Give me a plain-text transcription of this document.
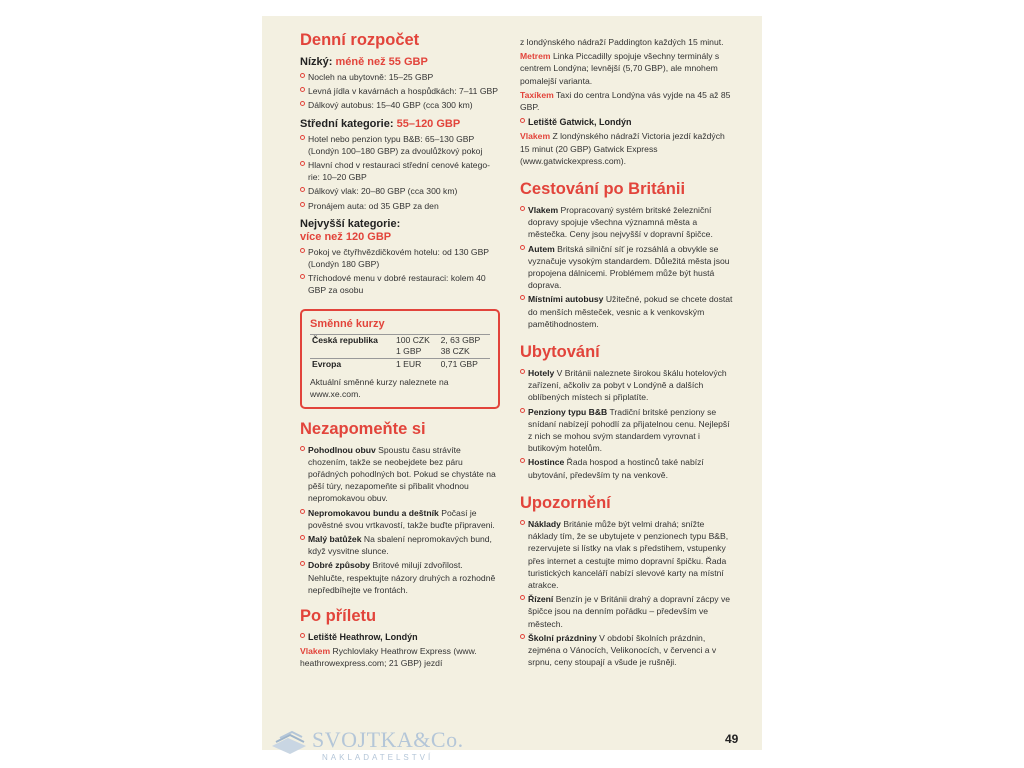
Denní rozpočet
Nízký: méně než 55 GBP
Nocleh na ubytovně: 15–25 GBP
Levná jídla v kavárnách a hospůdkách: 7–11 GBP
Dálkový autobus: 15–40 GBP (cca 300 km)
Střední kategorie: 55–120 GBP
Hotel nebo penzion typu B&B: 65–130 GBP (Londýn 100–180 GBP) za dvoulůžkový pokoj
Hlavní chod v restauraci střední cenové katego-rie: 10–20 GBP
Dálkový vlak: 20–80 GBP (cca 300 km)
Pronájem auta: od 35 GBP za den
Nejvyšší kategorie:
více než 120 GBP
Pokoj ve čtyřhvězdičkovém hotelu: od 130 GBP (Londýn 180 GBP)
Tříchodové menu v dobré restauraci: kolem 40 GBP za osobu
Směnné kurzy
Česká republika	100 CZK	2, 63 GBP
	1 GBP	38 CZK
Evropa	1 EUR	0,71 GBP
Aktuální směnné kurzy naleznete na www.xe.com.
Nezapomeňte si
Pohodlnou obuv Spoustu času strávíte chozením, takže se neobejdete bez páru pořádných pohodlných bot. Pokud se chystáte na pěší túry, nezapomeňte si přibalit vhodnou nepromokavou obuv.
Nepromokavou bundu a deštník Počasí je pověstné svou vrtkavostí, takže buďte připraveni.
Malý batůžek Na sbalení nepromokavých bund, když vysvitne slunce.
Dobré způsoby Britové milují zdvořilost. Nehlučte, respektujte názory druhých a rozhodně nepředbíhejte ve frontách.
Po příletu
Letiště Heathrow, Londýn
Vlakem Rychlovlaky Heathrow Express (www. heathrowexpress.com; 21 GBP) jezdí
z londýnského nádraží Paddington každých 15 minut.
Metrem Linka Piccadilly spojuje všechny terminály s centrem Londýna; levnější (5,70 GBP), ale mnohem pomalejší varianta.
Taxíkem Taxi do centra Londýna vás vyjde na 45 až 85 GBP.
Letiště Gatwick, Londýn
Vlakem Z londýnského nádraží Victoria jezdí každých 15 minut (20 GBP) Gatwick Express (www.gatwickexpress.com).
Cestování po Británii
Vlakem Propracovaný systém britské železniční dopravy spojuje všechna významná města a městečka. Ceny jsou nejvyšší v dopravní špičce.
Autem Britská silniční síť je rozsáhlá a obvykle se vyznačuje vysokým standardem. Důležitá města jsou propojena dálnicemi. Problémem může být hustá doprava.
Místními autobusy Užitečné, pokud se chcete dostat do menších městeček, vesnic a k venkovským pamětihodnostem.
Ubytování
Hotely V Británii naleznete širokou škálu hotelových zařízení, ačkoliv za pobyt v Londýně a dalších oblíbených místech si připlatíte.
Penziony typu B&B Tradiční britské penziony se snídaní nabízejí pohodlí za přijatelnou cenu. Nejlepší z nich se mohou svým standardem vyrovnat i butikovým hotelům.
Hostince Řada hospod a hostinců také nabízí ubytování, především ty na venkově.
Upozornění
Náklady Británie může být velmi drahá; snížte náklady tím, že se ubytujete v penzionech typu B&B, rezervujete si lístky na vlak s předstihem, vstupenky přes internet a cestujte mimo dopravní špičku. Řada turistických kanceláří nabízí slevové karty na místní atrakce.
Řízení Benzín je v Británii drahý a dopravní zácpy ve špičce jsou na denním pořádku – především ve městech.
Školní prázdniny V období školních prázdnin, zejména o Vánocích, Velikonocích, v červenci a v srpnu, ceny stoupají a všude je rušněji.
49
SVOJTKA&Co.
NAKLADATELSTVÍ
